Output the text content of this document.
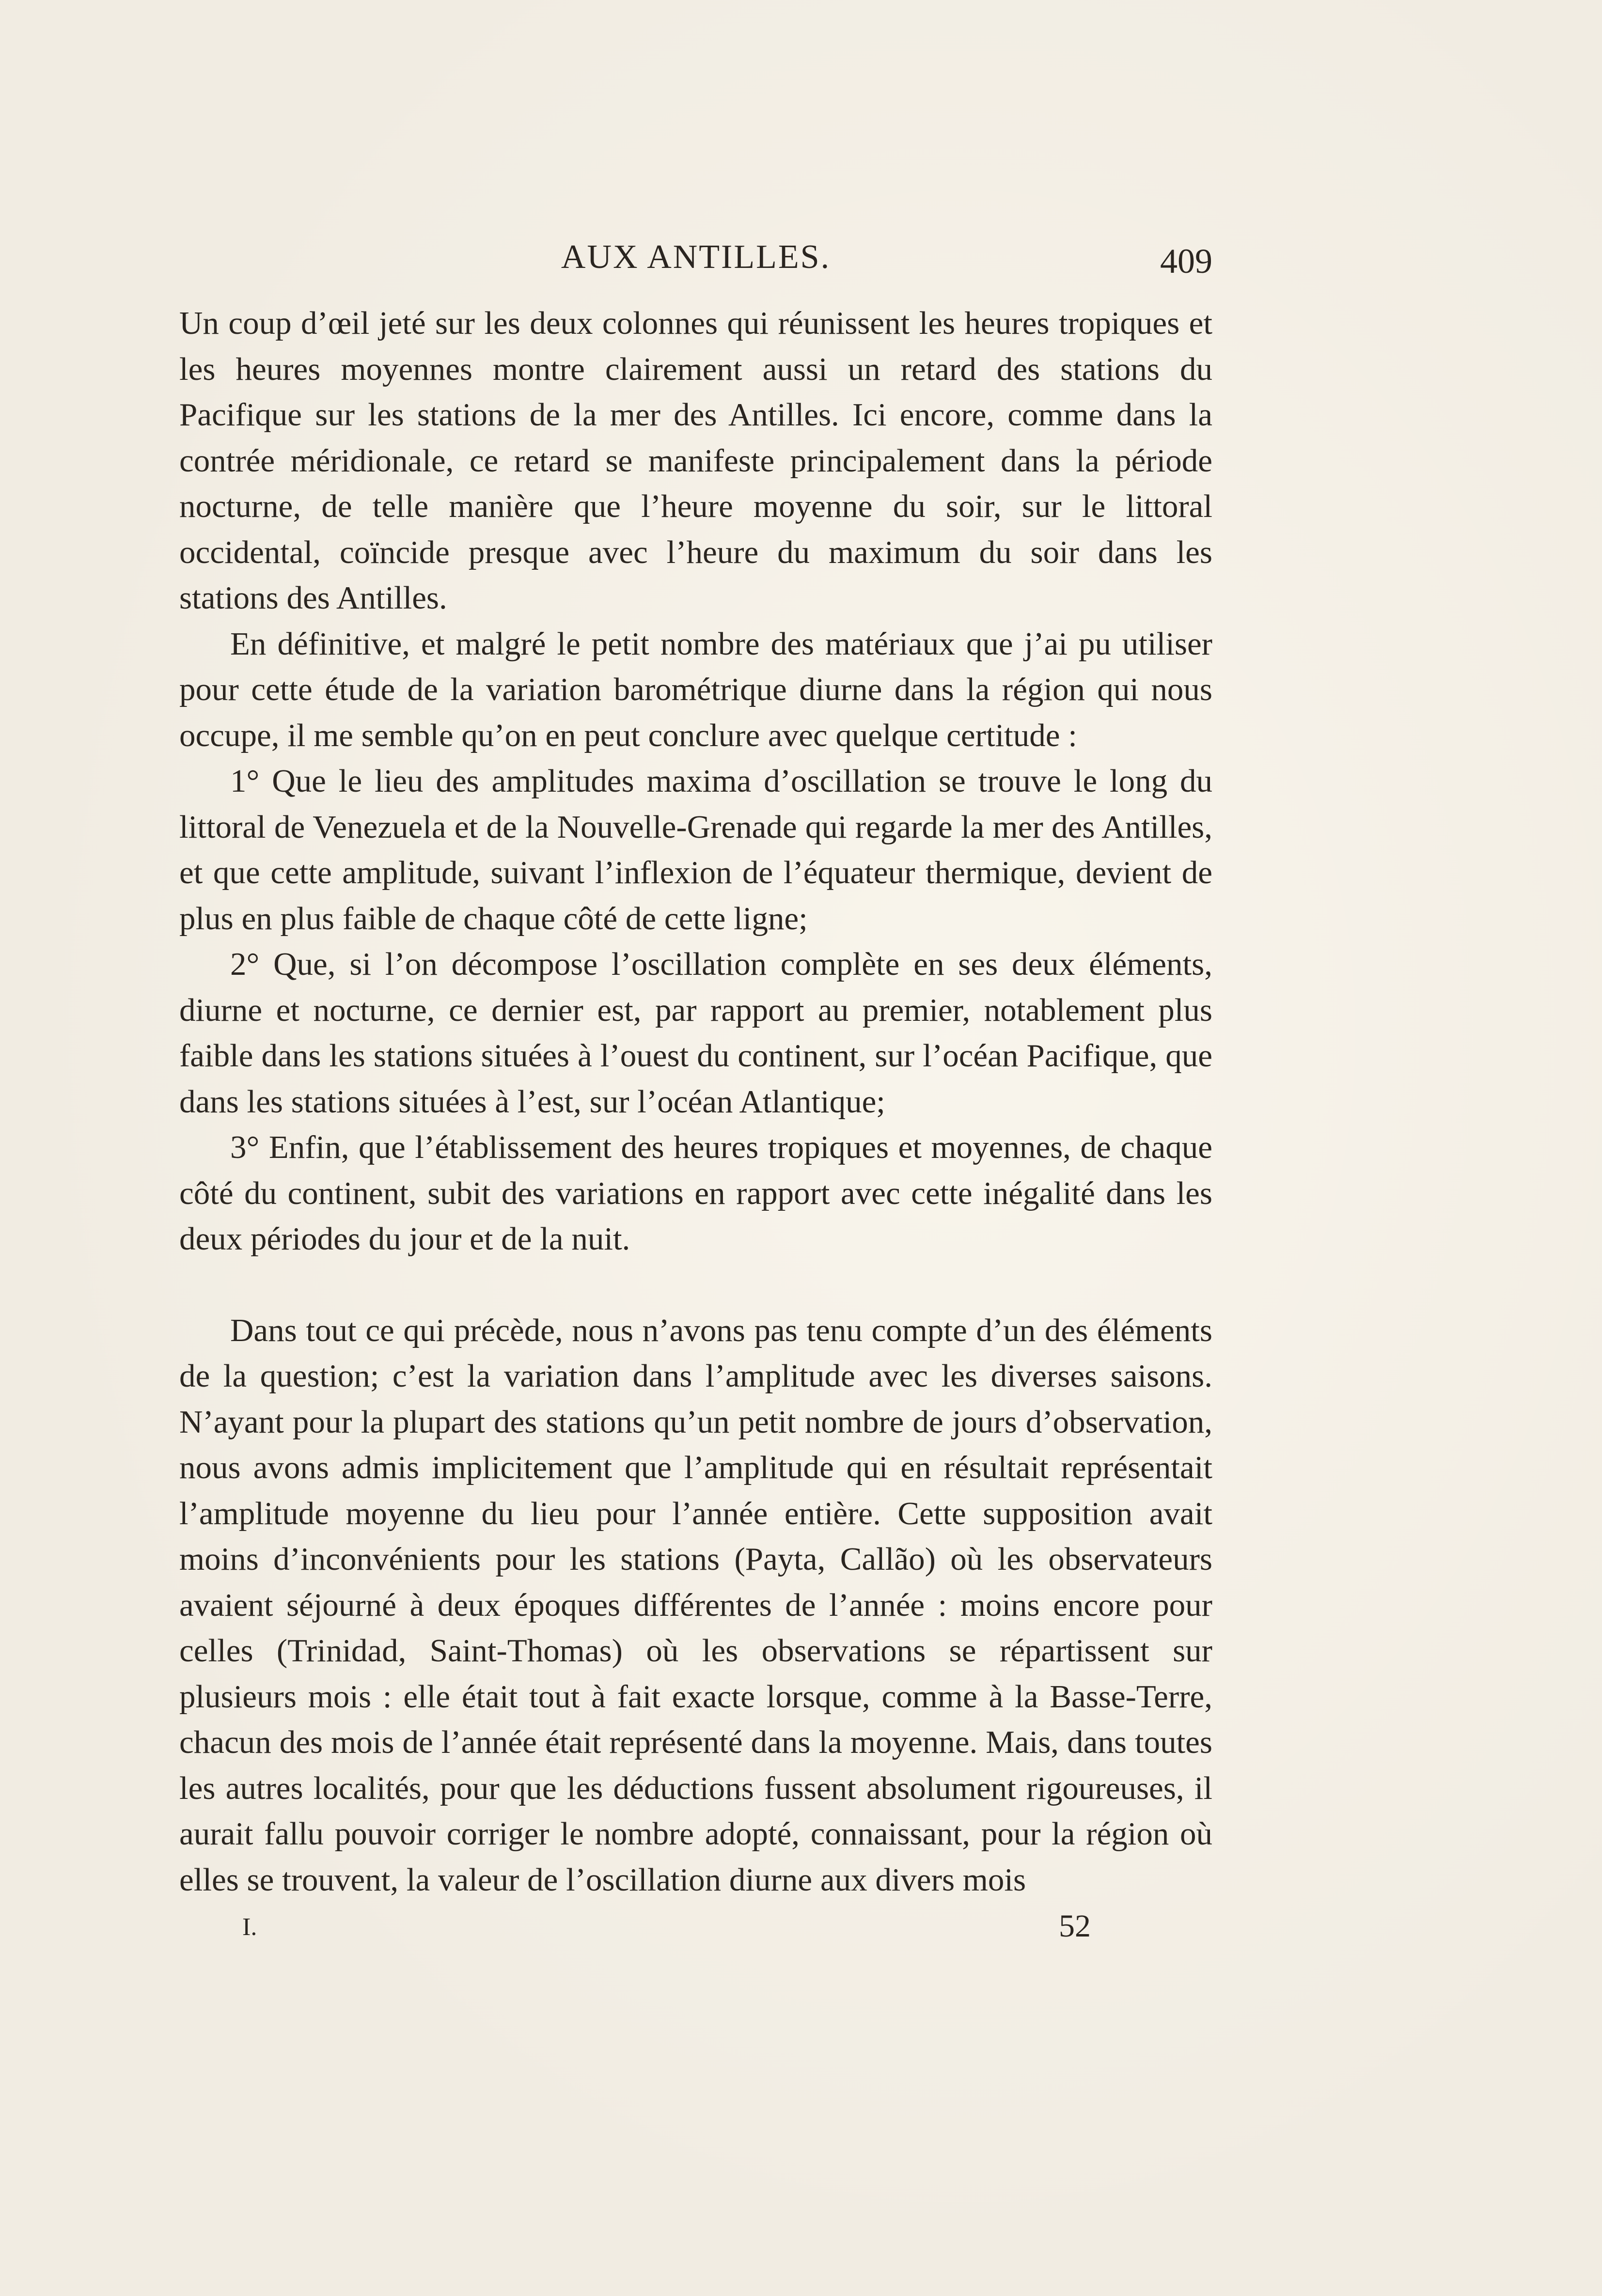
AUX ANTILLES.	409

Un coup d’œil jeté sur les deux colonnes qui réunissent les heures tropiques et les heures moyennes montre clairement aussi un retard des stations du Pacifique sur les stations de la mer des Antilles. Ici encore, comme dans la contrée méridionale, ce retard se manifeste principalement dans la période nocturne, de telle manière que l’heure moyenne du soir, sur le littoral occidental, coïncide presque avec l’heure du maximum du soir dans les stations des Antilles.

En définitive, et malgré le petit nombre des matériaux que j’ai pu utiliser pour cette étude de la variation barométrique diurne dans la région qui nous occupe, il me semble qu’on en peut conclure avec quelque certitude :

1° Que le lieu des amplitudes maxima d’oscillation se trouve le long du littoral de Venezuela et de la Nouvelle-Grenade qui regarde la mer des Antilles, et que cette amplitude, suivant l’inflexion de l’équateur thermique, devient de plus en plus faible de chaque côté de cette ligne;

2° Que, si l’on décompose l’oscillation complète en ses deux éléments, diurne et nocturne, ce dernier est, par rapport au premier, notablement plus faible dans les stations situées à l’ouest du continent, sur l’océan Pacifique, que dans les stations situées à l’est, sur l’océan Atlantique;

3° Enfin, que l’établissement des heures tropiques et moyennes, de chaque côté du continent, subit des variations en rapport avec cette inégalité dans les deux périodes du jour et de la nuit.

Dans tout ce qui précède, nous n’avons pas tenu compte d’un des éléments de la question; c’est la variation dans l’amplitude avec les diverses saisons. N’ayant pour la plupart des stations qu’un petit nombre de jours d’observation, nous avons admis implicitement que l’amplitude qui en résultait représentait l’amplitude moyenne du lieu pour l’année entière. Cette supposition avait moins d’inconvénients pour les stations (Payta, Callão) où les observateurs avaient séjourné à deux époques différentes de l’année : moins encore pour celles (Trinidad, Saint-Thomas) où les observations se répartissent sur plusieurs mois : elle était tout à fait exacte lorsque, comme à la Basse-Terre, chacun des mois de l’année était représenté dans la moyenne. Mais, dans toutes les autres localités, pour que les déductions fussent absolument rigoureuses, il aurait fallu pouvoir corriger le nombre adopté, connaissant, pour la région où elles se trouvent, la valeur de l’oscillation diurne aux divers mois

I.	52
